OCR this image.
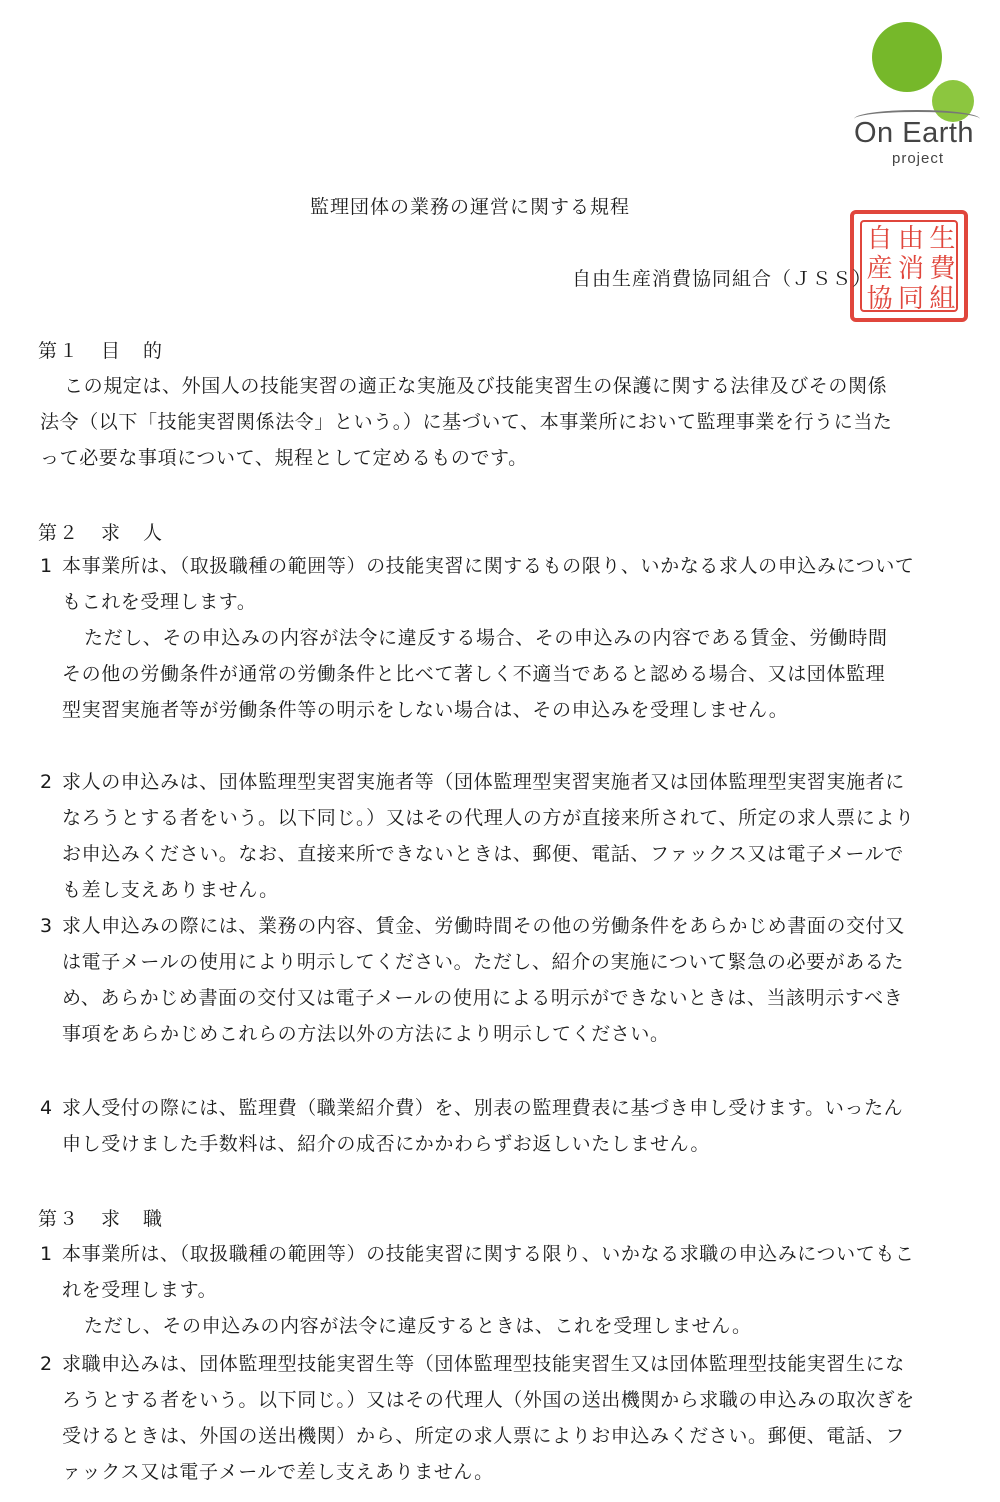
On Earth
project
自 由 生
産 消 費
協 同 組
監理団体の業務の運営に関する規程
自由生産消費協同組合（ＪＳＳ）
第１　目　的
この規定は、外国人の技能実習の適正な実施及び技能実習生の保護に関する法律及びその関係法令（以下「技能実習関係法令」という。）に基づいて、本事業所において監理事業を行うに当たって必要な事項について、規程として定めるものです。
第２　求　人
1 本事業所は、（取扱職種の範囲等）の技能実習に関するもの限り、いかなる求人の申込みについてもこれを受理します。
ただし、その申込みの内容が法令に違反する場合、その申込みの内容である賃金、労働時間その他の労働条件が通常の労働条件と比べて著しく不適当であると認める場合、又は団体監理型実習実施者等が労働条件等の明示をしない場合は、その申込みを受理しません。
2 求人の申込みは、団体監理型実習実施者等（団体監理型実習実施者又は団体監理型実習実施者になろうとする者をいう。以下同じ。）又はその代理人の方が直接来所されて、所定の求人票によりお申込みください。なお、直接来所できないときは、郵便、電話、ファックス又は電子メールでも差し支えありません。
3 求人申込みの際には、業務の内容、賃金、労働時間その他の労働条件をあらかじめ書面の交付又は電子メールの使用により明示してください。ただし、紹介の実施について緊急の必要があるため、あらかじめ書面の交付又は電子メールの使用による明示ができないときは、当該明示すべき事項をあらかじめこれらの方法以外の方法により明示してください。
4 求人受付の際には、監理費（職業紹介費）を、別表の監理費表に基づき申し受けます。いったん申し受けました手数料は、紹介の成否にかかわらずお返しいたしません。
第３　求　職
1 本事業所は、（取扱職種の範囲等）の技能実習に関する限り、いかなる求職の申込みについてもこれを受理します。
ただし、その申込みの内容が法令に違反するときは、これを受理しません。
2 求職申込みは、団体監理型技能実習生等（団体監理型技能実習生又は団体監理型技能実習生になろうとする者をいう。以下同じ。）又はその代理人（外国の送出機関から求職の申込みの取次ぎを受けるときは、外国の送出機関）から、所定の求人票によりお申込みください。郵便、電話、ファックス又は電子メールで差し支えありません。
